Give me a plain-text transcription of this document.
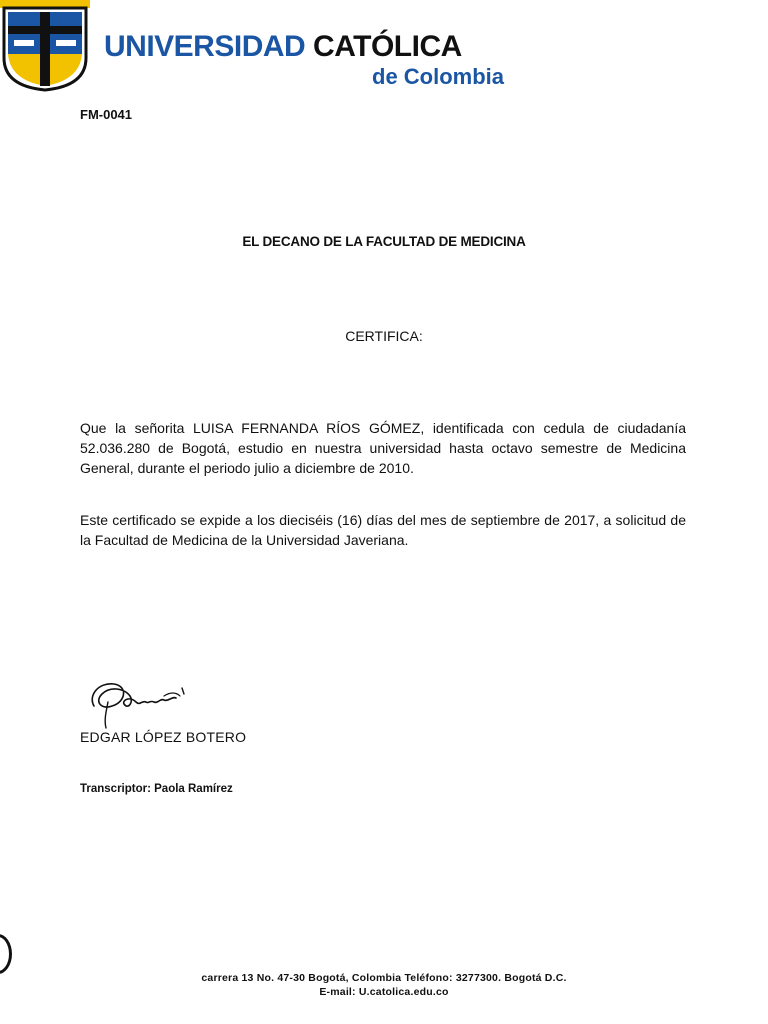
UNIVERSIDAD CATÓLICA
de Colombia
FM-0041
EL DECANO DE LA FACULTAD DE MEDICINA
CERTIFICA:
Que la señorita LUISA FERNANDA RÍOS GÓMEZ, identificada con cedula de ciudadanía 52.036.280 de Bogotá, estudio en nuestra universidad hasta octavo semestre de Medicina General, durante el periodo julio a diciembre de 2010.
Este certificado se expide a los dieciséis (16) días del mes de septiembre de 2017, a solicitud de la Facultad de Medicina de la Universidad Javeriana.
EDGAR LÓPEZ BOTERO
Transcriptor: Paola Ramírez
carrera 13 No. 47-30 Bogotá, Colombia Teléfono: 3277300. Bogotá D.C.
E-mail: U.catolica.edu.co
